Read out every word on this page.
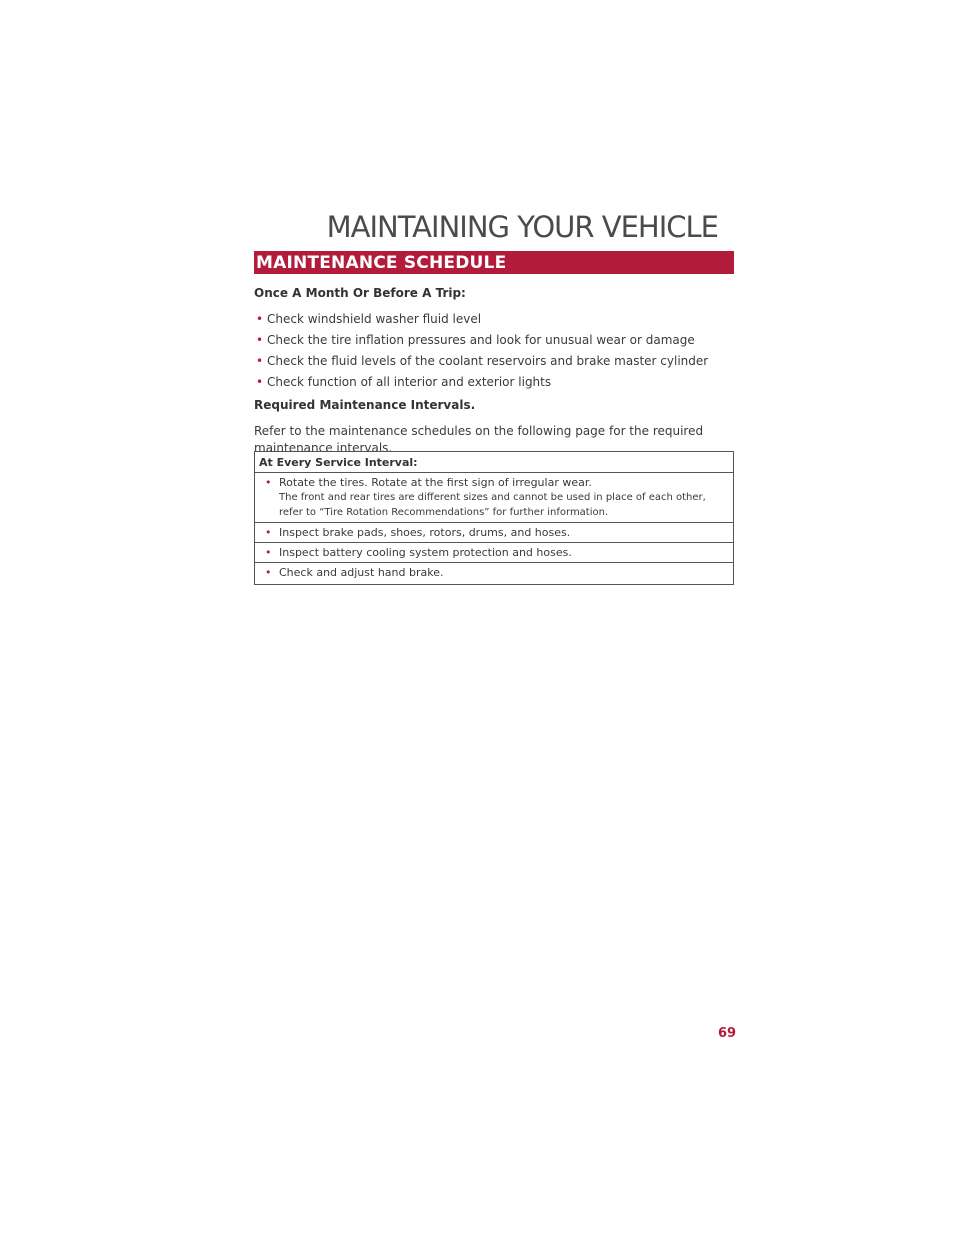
MAINTAINING YOUR VEHICLE
MAINTENANCE SCHEDULE
Once A Month Or Before A Trip:
• Check windshield washer fluid level
• Check the tire inflation pressures and look for unusual wear or damage
• Check the fluid levels of the coolant reservoirs and brake master cylinder
• Check function of all interior and exterior lights
Required Maintenance Intervals.

Refer to the maintenance schedules on the following page for the required maintenance intervals.

At Every Service Interval:
• Rotate the tires. Rotate at the first sign of irregular wear.
The front and rear tires are different sizes and cannot be used in place of each other, refer to “Tire Rotation Recommendations” for further information.
• Inspect brake pads, shoes, rotors, drums, and hoses.
• Inspect battery cooling system protection and hoses.
• Check and adjust hand brake.
69
